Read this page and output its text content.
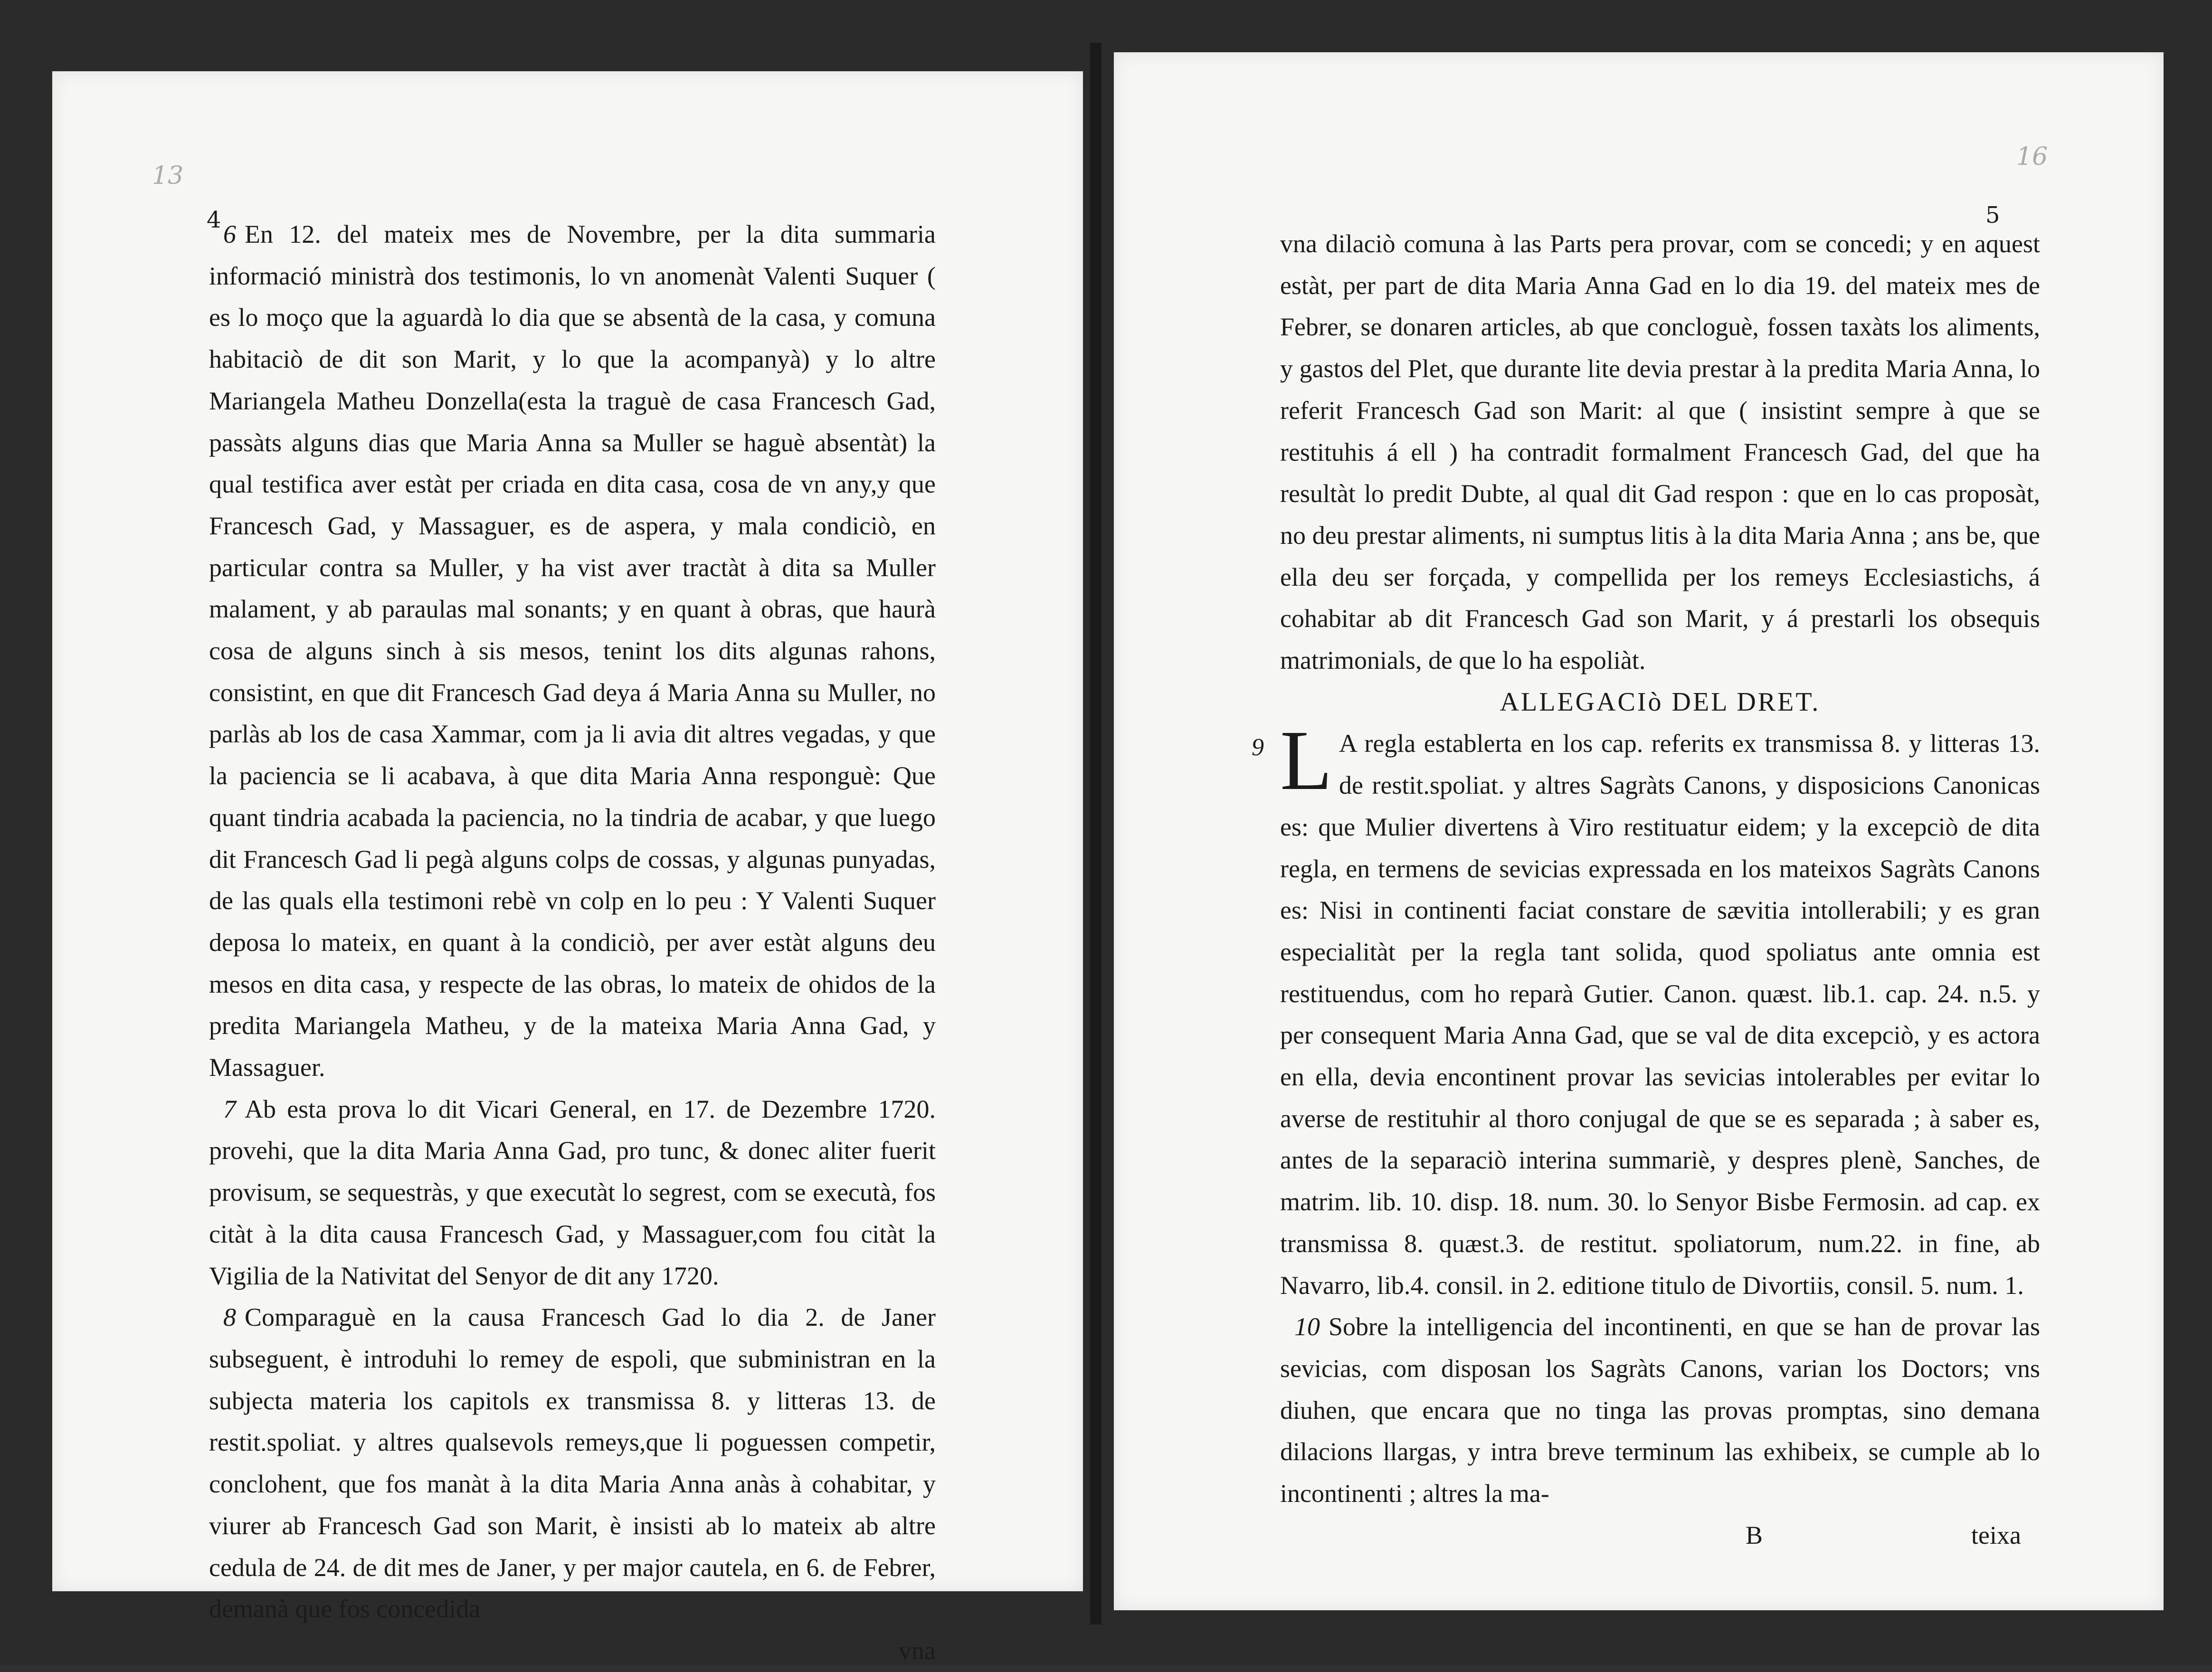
13
4 6 En 12. del mateix mes de Novembre, per la dita summaria informació ministrà dos testimonis, lo vn anomenàt Valenti Suquer ( es lo moço que la aguardà lo dia que se absentà de la casa, y comuna habitaciò de dit son Marit, y lo que la acompanyà) y lo altre Mariangela Matheu Donzella(esta la traguè de casa Francesch Gad, passàts alguns dias que Maria Anna sa Muller se haguè absentàt) la qual testifica aver estàt per criada en dita casa, cosa de vn any,y que Francesch Gad, y Massaguer, es de aspera, y mala condiciò, en particular contra sa Muller, y ha vist aver tractàt à dita sa Muller malament, y ab paraulas mal sonants; y en quant à obras, que haurà cosa de alguns sinch à sis mesos, tenint los dits algunas rahons, consistint, en que dit Francesch Gad deya á Maria Anna su Muller, no parlàs ab los de casa Xammar, com ja li avia dit altres vegadas, y que la paciencia se li acabava, à que dita Maria Anna responguè: Que quant tindria acabada la paciencia, no la tindria de acabar, y que luego dit Francesch Gad li pegà alguns colps de cossas, y algunas punyadas, de las quals ella testimoni rebè vn colp en lo peu : Y Valenti Suquer deposa lo mateix, en quant à la condiciò, per aver estàt alguns deu mesos en dita casa, y respecte de las obras, lo mateix de ohidos de la predita Mariangela Matheu, y de la mateixa Maria Anna Gad, y Massaguer.

7 Ab esta prova lo dit Vicari General, en 17. de Dezembre 1720. provehi, que la dita Maria Anna Gad, pro tunc, & donec aliter fuerit provisum, se sequestràs, y que executàt lo segrest, com se executà, fos citàt à la dita causa Francesch Gad, y Massaguer,com fou citàt la Vigilia de la Nativitat del Senyor de dit any 1720.

8 Comparaguè en la causa Francesch Gad lo dia 2. de Janer subseguent, è introduhi lo remey de espoli, que subministran en la subjecta materia los capitols ex transmissa 8. y litteras 13. de restit.spoliat. y altres qualsevols remeys,que li poguessen competir, conclohent, que fos manàt à la dita Maria Anna anàs à cohabitar, y viurer ab Francesch Gad son Marit, è insisti ab lo mateix ab altre cedula de 24. de dit mes de Janer, y per major cautela, en 6. de Febrer, demanà que fos concedida

vna

16
5

vna dilaciò comuna à las Parts pera provar, com se concedi; y en aquest estàt, per part de dita Maria Anna Gad en lo dia 19. del mateix mes de Febrer, se donaren articles, ab que concloguè, fossen taxàts los aliments, y gastos del Plet, que durante lite devia prestar à la predita Maria Anna, lo referit Francesch Gad son Marit: al que ( insistint sempre à que se restituhis á ell ) ha contradit formalment Francesch Gad, del que ha resultàt lo predit Dubte, al qual dit Gad respon : que en lo cas proposàt, no deu prestar aliments, ni sumptus litis à la dita Maria Anna ; ans be, que ella deu ser forçada, y compellida per los remeys Ecclesiastichs, á cohabitar ab dit Francesch Gad son Marit, y á prestarli los obsequis matrimonials, de que lo ha espoliàt.

ALLEGACIò DEL DRET.

9 L A regla establerta en los cap. referits ex transmissa 8. y litteras 13. de restit.spoliat. y altres Sagràts Canons, y disposicions Canonicas es: que Mulier divertens à Viro restituatur eidem; y la excepciò de dita regla, en termens de sevicias expressada en los mateixos Sagràts Canons es: Nisi in continenti faciat constare de sævitia intollerabili; y es gran especialitàt per la regla tant solida, quod spoliatus ante omnia est restituendus, com ho reparà Gutier. Canon. quæst. lib.1. cap. 24. n.5. y per consequent Maria Anna Gad, que se val de dita excepciò, y es actora en ella, devia encontinent provar las sevicias intolerables per evitar lo averse de restituhir al thoro conjugal de que se es separada ; à saber es, antes de la separaciò interina summariè, y despres plenè, Sanches, de matrim. lib. 10. disp. 18. num. 30. lo Senyor Bisbe Fermosin. ad cap. ex transmissa 8. quæst.3. de restitut. spoliatorum, num.22. in fine, ab Navarro, lib.4. consil. in 2. editione titulo de Divortiis, consil. 5. num. 1.

10 Sobre la intelligencia del incontinenti, en que se han de provar las sevicias, com disposan los Sagràts Canons, varian los Doctors; vns diuhen, que encara que no tinga las provas promptas, sino demana dilacions llargas, y intra breve terminum las exhibeix, se cumple ab lo incontinenti ; altres la ma-

B	teixa
